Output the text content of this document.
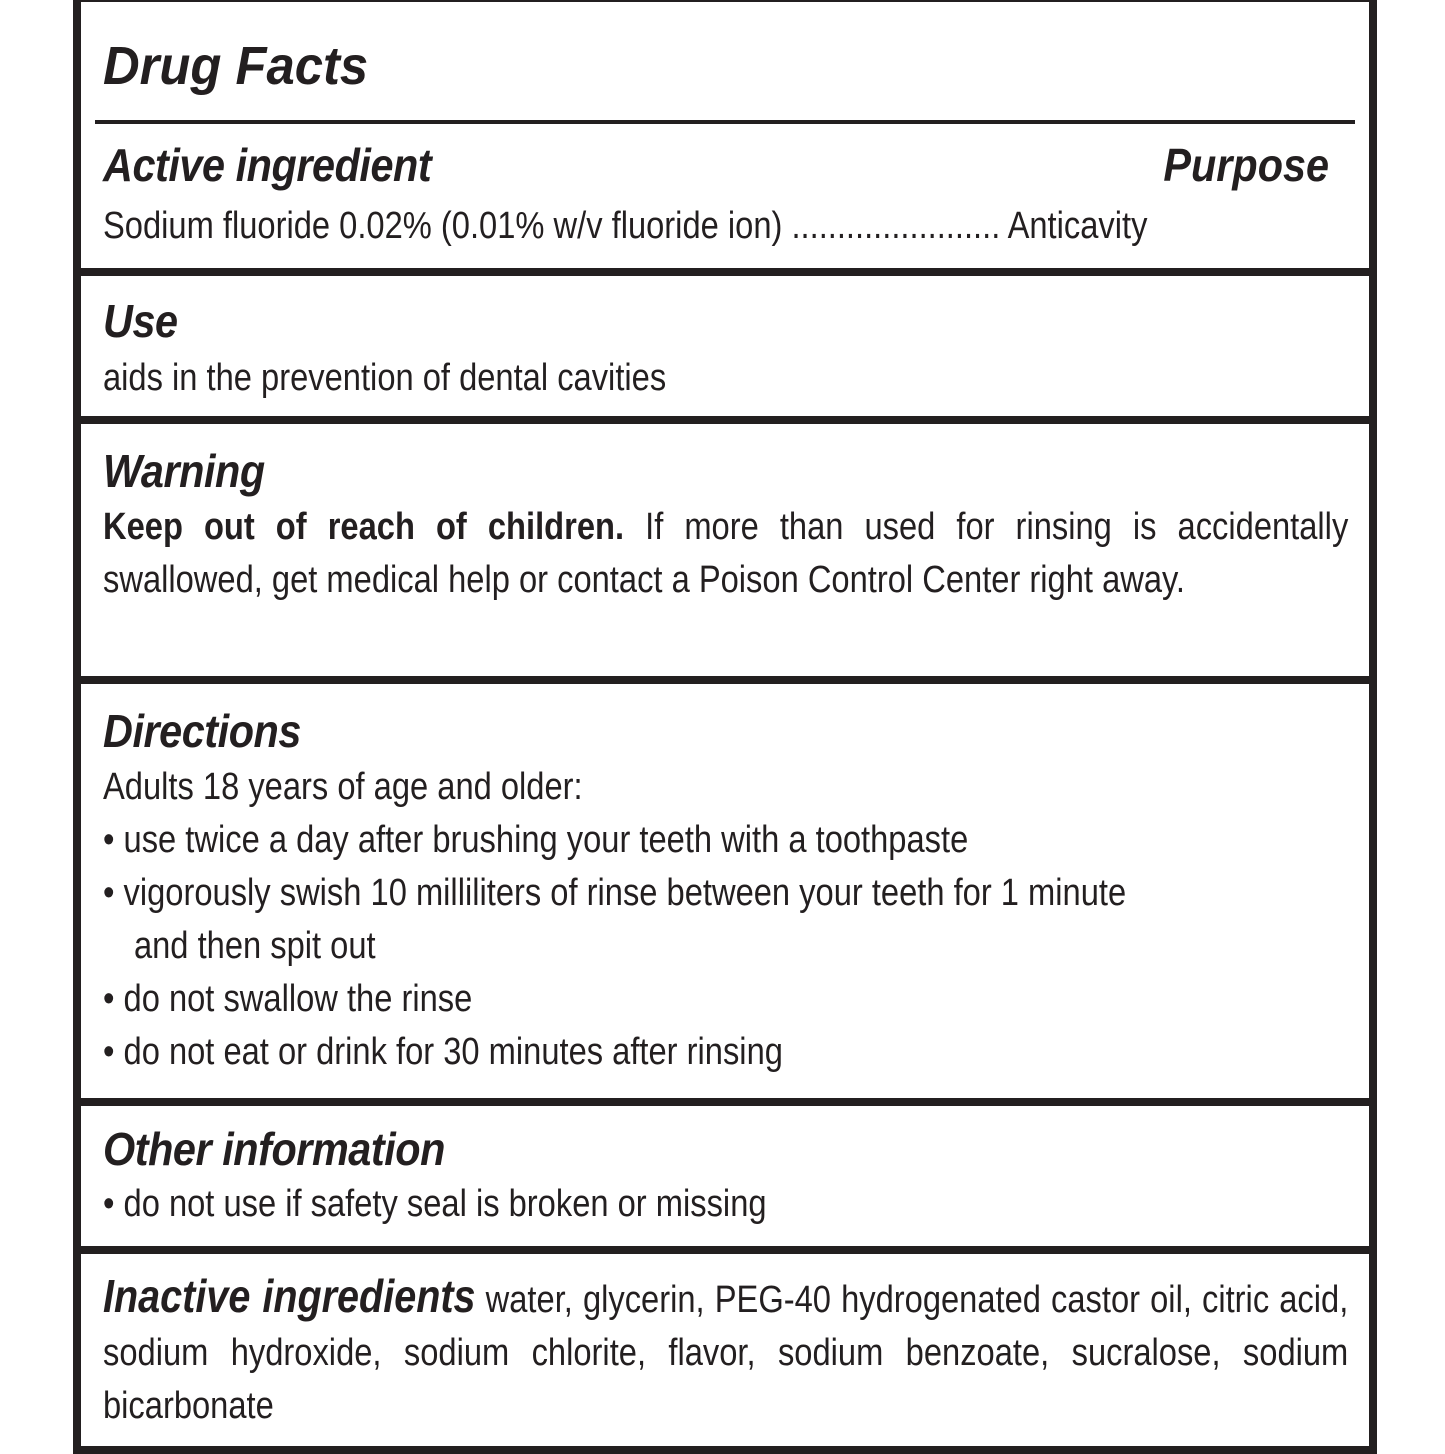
Drug Facts
Active ingredient	Purpose
Sodium fluoride 0.02% (0.01% w/v fluoride ion) ....................... Anticavity
Use
aids in the prevention of dental cavities
Warning
Keep out of reach of children. If more than used for rinsing is accidentally swallowed, get medical help or contact a Poison Control Center right away.
Directions
Adults 18 years of age and older:
• use twice a day after brushing your teeth with a toothpaste
• vigorously swish 10 milliliters of rinse between your teeth for 1 minute
and then spit out
• do not swallow the rinse
• do not eat or drink for 30 minutes after rinsing
Other information
• do not use if safety seal is broken or missing
Inactive ingredients water, glycerin, PEG-40 hydrogenated castor oil, citric acid, sodium hydroxide, sodium chlorite, flavor, sodium benzoate, sucralose, sodium bicarbonate
